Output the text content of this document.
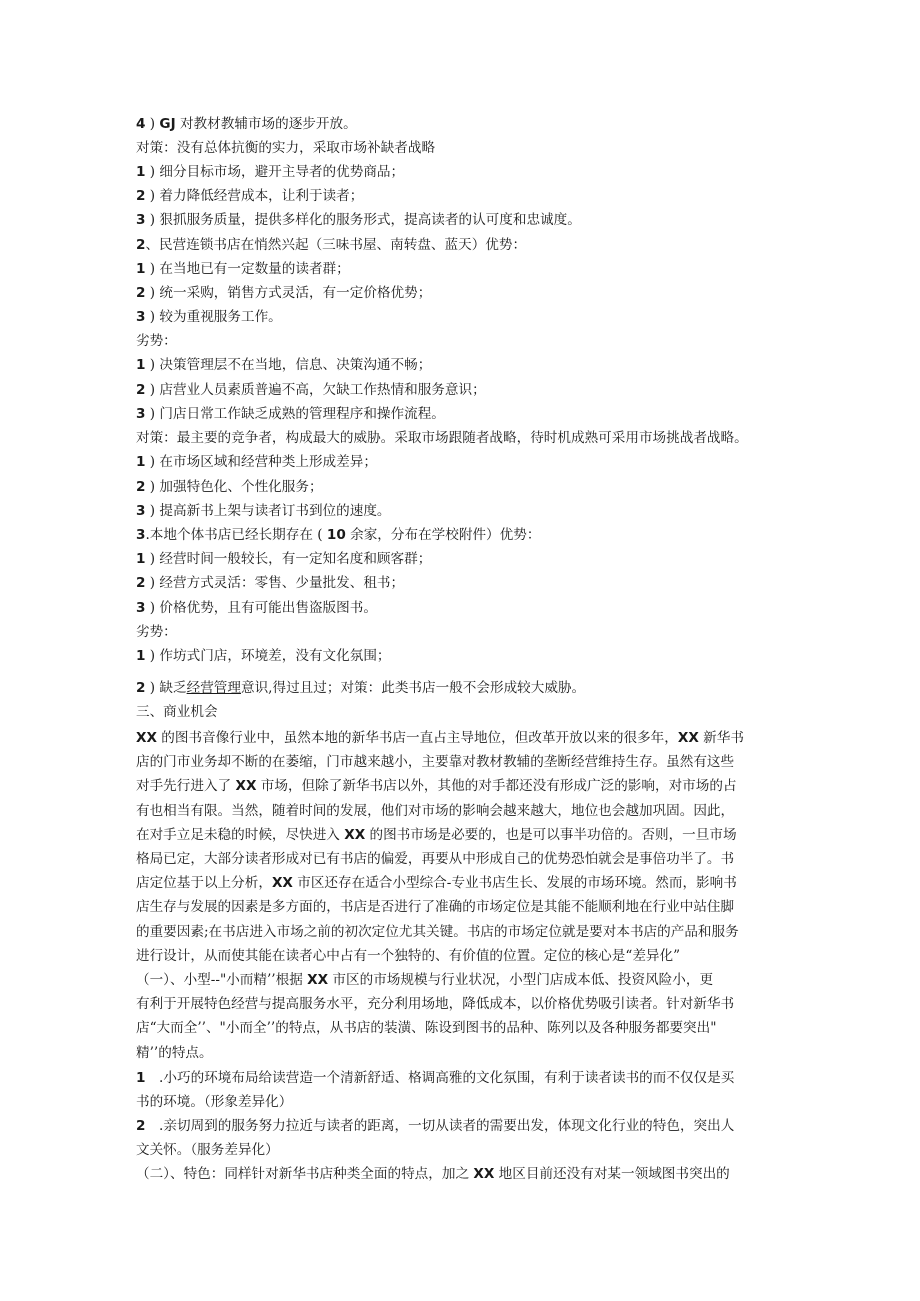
4 ) GJ 对教材教辅市场的逐步开放。
对策：没有总体抗衡的实力，采取市场补缺者战略
1 ) 细分目标市场，避开主导者的优势商品；
2 ) 着力降低经营成本，让利于读者；
3 ) 狠抓服务质量，提供多样化的服务形式，提高读者的认可度和忠诚度。
2、民营连锁书店在悄然兴起（三味书屋、南转盘、蓝天）优势：
1 ) 在当地已有一定数量的读者群；
2 ) 统一采购，销售方式灵活，有一定价格优势；
3 ) 较为重视服务工作。
劣势：
1 ) 决策管理层不在当地，信息、决策沟通不畅；
2 ) 店营业人员素质普遍不高，欠缺工作热情和服务意识；
3 ) 门店日常工作缺乏成熟的管理程序和操作流程。
对策：最主要的竞争者，构成最大的威胁。采取市场跟随者战略，待时机成熟可采用市场挑战者战略。
1 ) 在市场区域和经营种类上形成差异；
2 ) 加强特色化、个性化服务；
3 ) 提高新书上架与读者订书到位的速度。
3.本地个体书店已经长期存在 ( 10 余家，分布在学校附件）优势：
1 ) 经营时间一般较长，有一定知名度和顾客群；
2 ) 经营方式灵活：零售、少量批发、租书；
3 ) 价格优势，且有可能出售盗版图书。
劣势：
1 ) 作坊式门店，环境差，没有文化氛围；
2 ) 缺乏经营管理意识,得过且过；对策：此类书店一般不会形成较大威胁。
三、商业机会
XX 的图书音像行业中，虽然本地的新华书店一直占主导地位，但改革开放以来的很多年，XX 新华书
店的门市业务却不断的在萎缩，门市越来越小，主要靠对教材教辅的垄断经营维持生存。虽然有这些
对手先行进入了 XX 市场，但除了新华书店以外，其他的对手都还没有形成广泛的影响，对市场的占
有也相当有限。当然，随着时间的发展，他们对市场的影响会越来越大，地位也会越加巩固。因此，
在对手立足未稳的时候，尽快进入 XX 的图书市场是必要的，也是可以事半功倍的。否则，一旦市场
格局已定，大部分读者形成对已有书店的偏爱，再要从中形成自己的优势恐怕就会是事倍功半了。书
店定位基于以上分析，XX 市区还存在适合小型综合-专业书店生长、发展的市场环境。然而，影响书
店生存与发展的因素是多方面的，书店是否进行了准确的市场定位是其能不能顺利地在行业中站住脚
的重要因素;在书店进入市场之前的初次定位尤其关键。书店的市场定位就是要对本书店的产品和服务
进行设计，从而使其能在读者心中占有一个独特的、有价值的位置。定位的核心是“差异化”
（一）、小型--"小而精’’根据 XX 市区的市场规模与行业状况，小型门店成本低、投资风险小，更
有利于开展特色经营与提高服务水平，充分利用场地，降低成本，以价格优势吸引读者。针对新华书
店“大而全’’、"小而全’’的特点，从书店的装潢、陈设到图书的品种、陈列以及各种服务都要突出"
精’’的特点。
1　.小巧的环境布局给读营造一个清新舒适、格调高雅的文化氛围，有利于读者读书的而不仅仅是买
书的环境。（形象差异化）
2　.亲切周到的服务努力拉近与读者的距离，一切从读者的需要出发，体现文化行业的特色，突出人
文关怀。（服务差异化）
（二）、特色：同样针对新华书店种类全面的特点，加之 XX 地区目前还没有对某一领域图书突出的
